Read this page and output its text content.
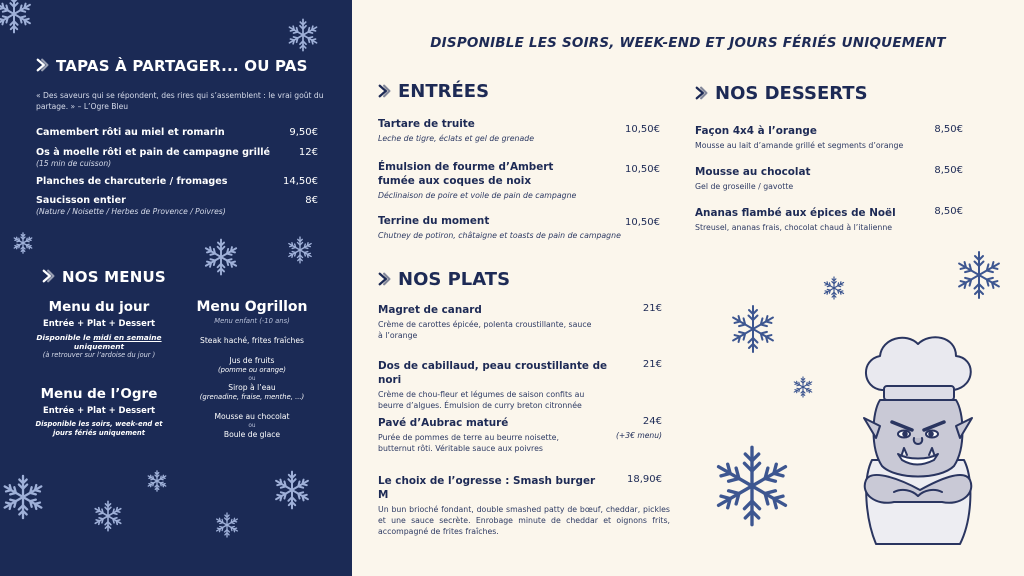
TAPAS À PARTAGER... OU PAS
« Des saveurs qui se répondent, des rires qui s’assemblent : le vrai goût du partage. » – L’Ogre Bleu
Camembert rôti au miel et romarin	9,50€
Os à moelle rôti et pain de campagne grillé
(15 min de cuisson)
12€
Planches de charcuterie / fromages	14,50€
Saucisson entier
(Nature / Noisette / Herbes de Provence / Poivres)
8€
NOS MENUS
Menu du jour
Entrée + Plat + Dessert
Disponible le midi en semaine uniquement
(à retrouver sur l’ardoise du jour )
Menu de l’Ogre
Entrée + Plat + Dessert
Disponible les soirs, week-end et jours fériés uniquement
Menu Ogrillon
Menu enfant (-10 ans)
Steak haché, frites fraîches
Jus de fruits
(pomme ou orange)
ou
Sirop à l’eau
(grenadine, fraise, menthe, ...)
Mousse au chocolat
ou
Boule de glace
DISPONIBLE LES SOIRS, WEEK-END ET JOURS FÉRIÉS UNIQUEMENT
ENTRÉES
Tartare de truite
Leche de tigre, éclats et gel de grenade
10,50€
Émulsion de fourme d’Ambert fumée aux coques de noix
Déclinaison de poire et voile de pain de campagne
10,50€
Terrine du moment
Chutney de potiron, châtaigne et toasts de pain de campagne
10,50€
NOS PLATS
Magret de canard
Crème de carottes épicée, polenta croustillante, sauce à l’orange
21€
Dos de cabillaud, peau croustillante de nori
Crème de chou-fleur et légumes de saison confits au beurre d’algues. Émulsion de curry breton citronnée
21€
Pavé d’Aubrac maturé
Purée de pommes de terre au beurre noisette, butternut rôti. Véritable sauce aux poivres
24€
(+3€ menu)
Le choix de l’ogresse : Smash burger M
Un bun brioché fondant, double smashed patty de bœuf, cheddar, pickles et une sauce secrète. Enrobage minute de cheddar et oignons frits, accompagné de frites fraîches.
18,90€
NOS DESSERTS
Façon 4x4 à l’orange
Mousse au lait d’amande grillé et segments d’orange
8,50€
Mousse au chocolat
Gel de groseille / gavotte
8,50€
Ananas flambé aux épices de Noël
Streusel, ananas frais, chocolat chaud à l’italienne
8,50€
